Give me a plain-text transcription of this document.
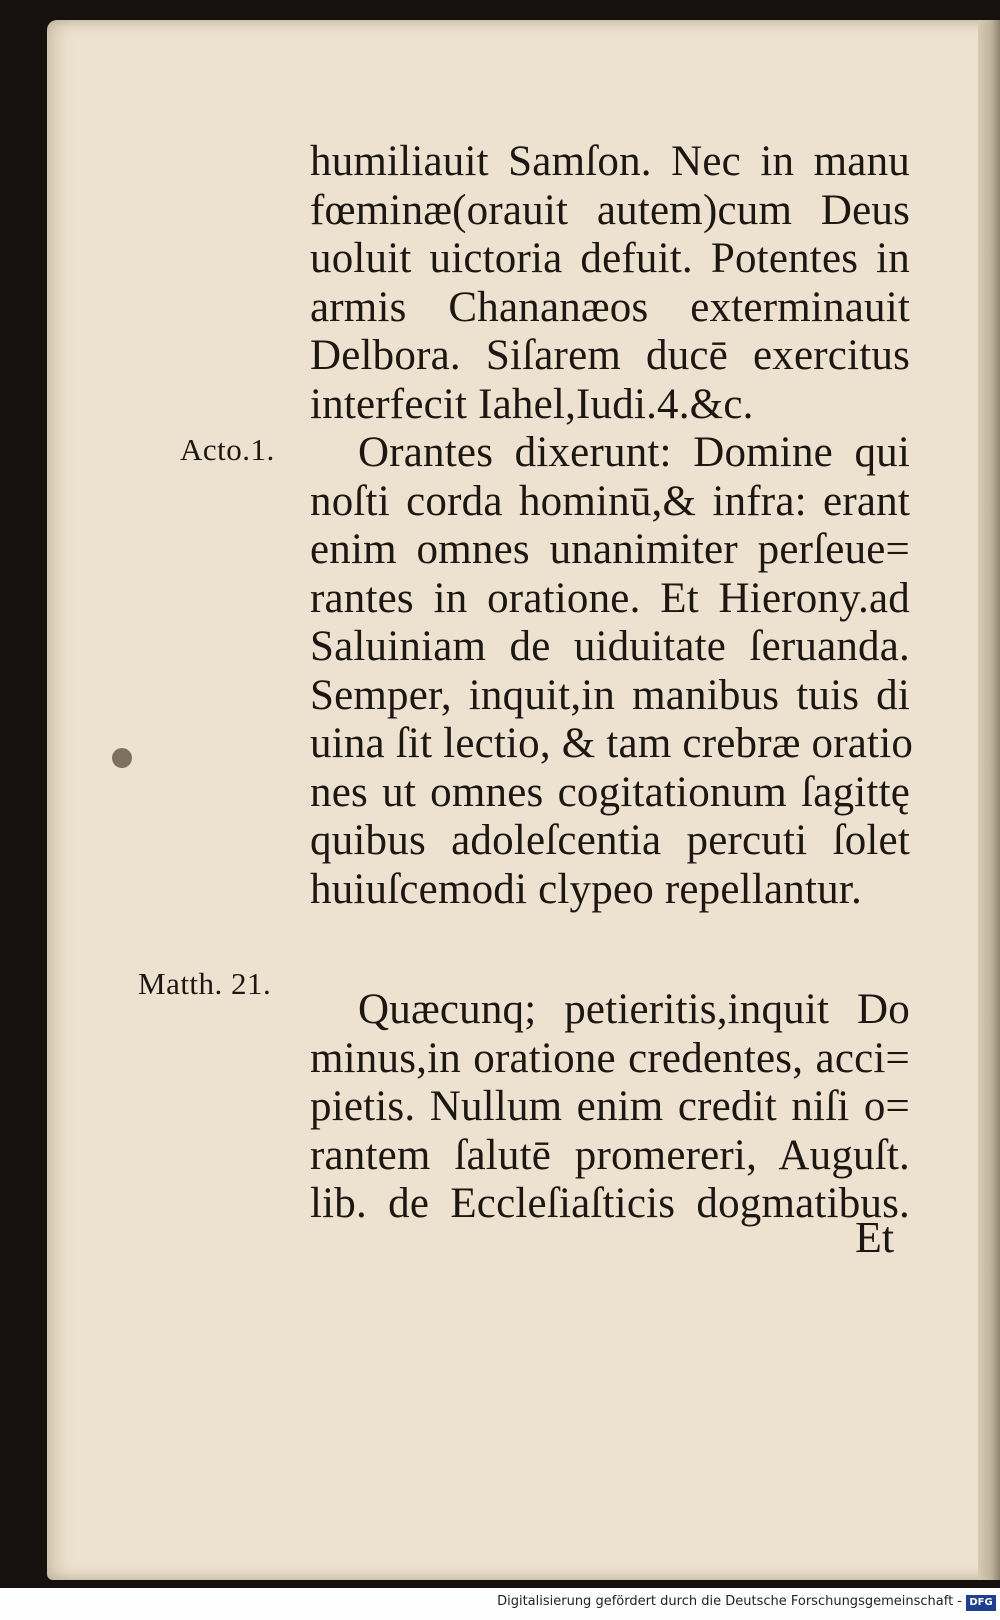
Acto.1.
Matth. 21.
humiliauit Samſon. Nec in manu
fœminæ(orauit autem)cum Deus
uoluit uictoria defuit. Potentes in
armis Chananæos exterminauit
Delbora. Siſarem ducē exercitus
interfecit Iahel,Iudi.4.&c.
Orantes dixerunt: Domine qui
noſti corda hominū,& infra: erant
enim omnes unanimiter perſeue=
rantes in oratione. Et Hierony.ad
Saluiniam de uiduitate ſeruanda.
Semper, inquit,in manibus tuis di
uina ſit lectio, & tam crebræ oratio
nes ut omnes cogitationum ſagittę
quibus adoleſcentia percuti ſolet
huiuſcemodi clypeo repellantur.
Quæcunq; petieritis,inquit Do
minus,in oratione credentes, acci=
pietis. Nullum enim credit niſi o=
rantem ſalutē promereri, Auguſt.
lib. de Eccleſiaſticis dogmatibus.
Et
Digitalisierung gefördert durch die Deutsche Forschungsgemeinschaft - DFG
